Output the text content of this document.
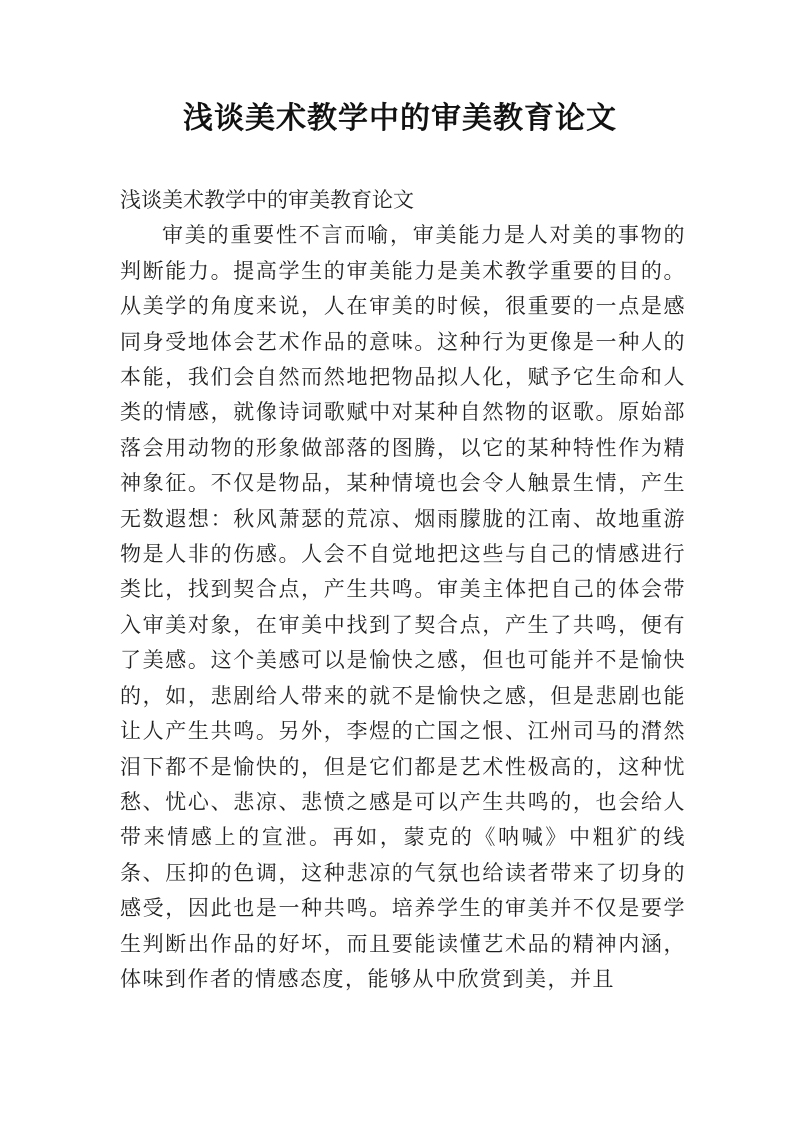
浅谈美术教学中的审美教育论文

浅谈美术教学中的审美教育论文

审美的重要性不言而喻，审美能力是人对美的事物的判断能力。提高学生的审美能力是美术教学重要的目的。从美学的角度来说，人在审美的时候，很重要的一点是感同身受地体会艺术作品的意味。这种行为更像是一种人的本能，我们会自然而然地把物品拟人化，赋予它生命和人类的情感，就像诗词歌赋中对某种自然物的讴歌。原始部落会用动物的形象做部落的图腾，以它的某种特性作为精神象征。不仅是物品，某种情境也会令人触景生情，产生无数遐想：秋风萧瑟的荒凉、烟雨朦胧的江南、故地重游物是人非的伤感。人会不自觉地把这些与自己的情感进行类比，找到契合点，产生共鸣。审美主体把自己的体会带入审美对象，在审美中找到了契合点，产生了共鸣，便有了美感。这个美感可以是愉快之感，但也可能并不是愉快的，如，悲剧给人带来的就不是愉快之感，但是悲剧也能让人产生共鸣。另外，李煜的亡国之恨、江州司马的潸然泪下都不是愉快的，但是它们都是艺术性极高的，这种忧愁、忧心、悲凉、悲愤之感是可以产生共鸣的，也会给人带来情感上的宣泄。再如，蒙克的《呐喊》中粗犷的线条、压抑的色调，这种悲凉的气氛也给读者带来了切身的感受，因此也是一种共鸣。培养学生的审美并不仅是要学生判断出作品的好坏，而且要能读懂艺术品的精神内涵，体味到作者的情感态度，能够从中欣赏到美，并且
